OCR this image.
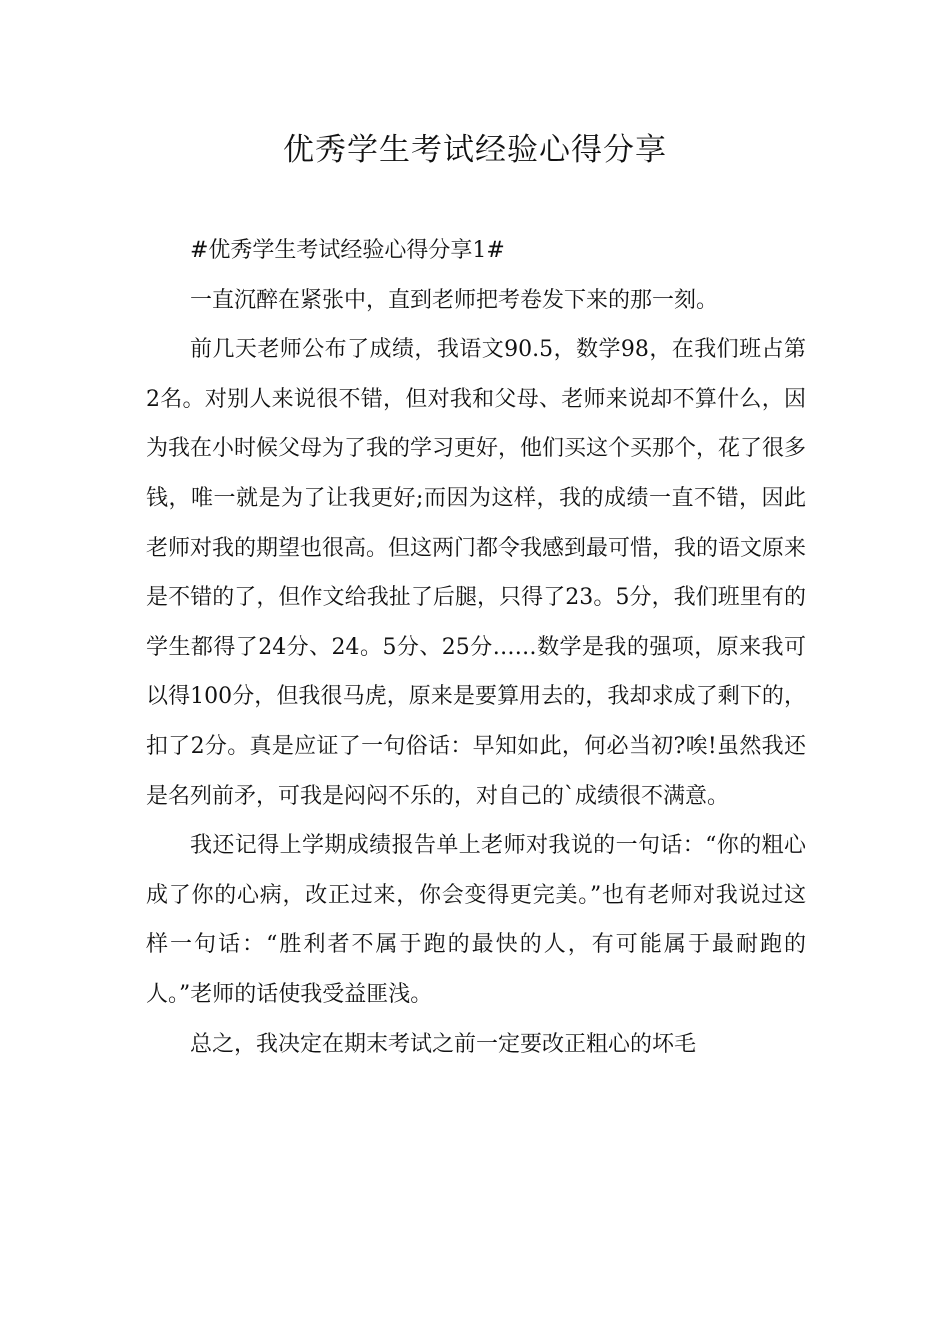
优秀学生考试经验心得分享

#优秀学生考试经验心得分享1#

一直沉醉在紧张中，直到老师把考卷发下来的那一刻。

前几天老师公布了成绩，我语文90.5，数学98，在我们班占第2名。对别人来说很不错，但对我和父母、老师来说却不算什么，因为我在小时候父母为了我的学习更好，他们买这个买那个，花了很多钱，唯一就是为了让我更好;而因为这样，我的成绩一直不错，因此老师对我的期望也很高。但这两门都令我感到最可惜，我的语文原来是不错的了，但作文给我扯了后腿，只得了23。5分，我们班里有的学生都得了24分、24。5分、25分……数学是我的强项，原来我可以得100分，但我很马虎，原来是要算用去的，我却求成了剩下的，扣了2分。真是应证了一句俗话：早知如此，何必当初?唉!虽然我还是名列前矛，可我是闷闷不乐的，对自己的`成绩很不满意。

我还记得上学期成绩报告单上老师对我说的一句话：“你的粗心成了你的心病，改正过来，你会变得更完美。”也有老师对我说过这样一句话：“胜利者不属于跑的最快的人，有可能属于最耐跑的人。”老师的话使我受益匪浅。

总之，我决定在期末考试之前一定要改正粗心的坏毛
